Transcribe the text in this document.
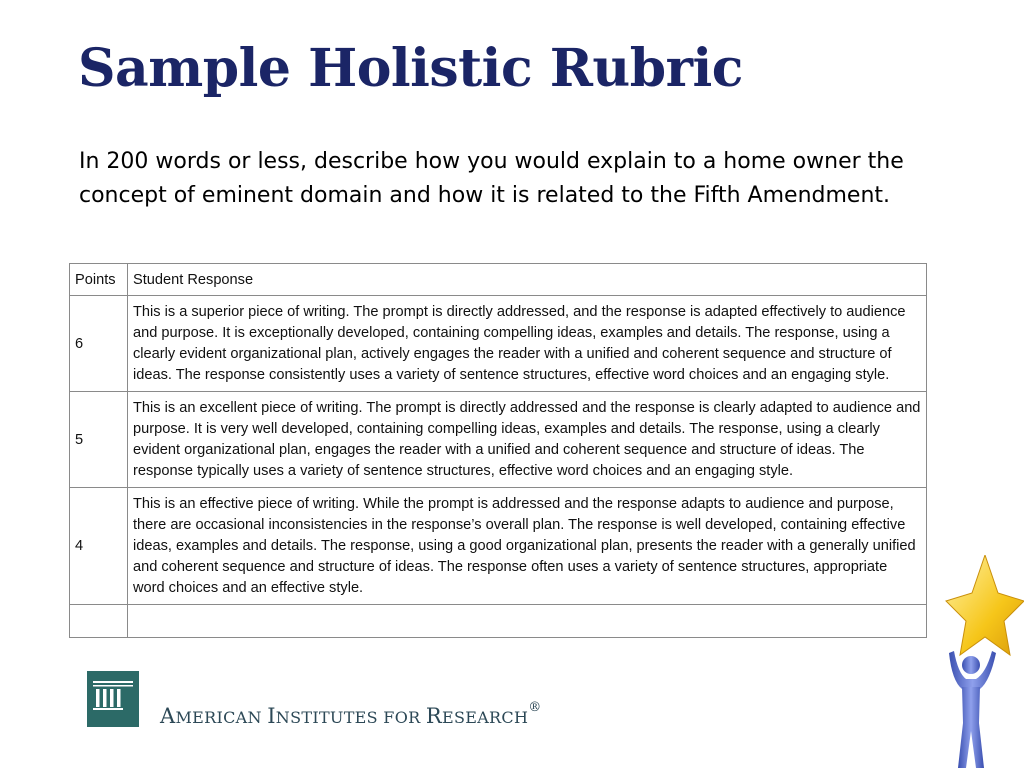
Sample Holistic Rubric
In 200 words or less, describe how you would explain to a home owner the concept of eminent domain and how it is related to the Fifth Amendment.
Points	Student Response
6	This is a superior piece of writing. The prompt is directly addressed, and the response is adapted effectively to audience and purpose. It is exceptionally developed, containing compelling ideas, examples and details. The response, using a clearly evident organizational plan, actively engages the reader with a unified and coherent sequence and structure of ideas. The response consistently uses a variety of sentence structures, effective word choices and an engaging style.
5	This is an excellent piece of writing. The prompt is directly addressed and the response is clearly adapted to audience and purpose. It is very well developed, containing compelling ideas, examples and details. The response, using a clearly evident organizational plan, engages the reader with a unified and coherent sequence and structure of ideas. The response typically uses a variety of sentence structures, effective word choices and an engaging style.
4	This is an effective piece of writing. While the prompt is addressed and the response adapts to audience and purpose, there are occasional inconsistencies in the response’s overall plan. The response is well developed, containing effective ideas, examples and details. The response, using a good organizational plan, presents the reader with a generally unified and coherent sequence and structure of ideas. The response often uses a variety of sentence structures, appropriate word choices and an effective style.

AMERICAN INSTITUTES FOR RESEARCH®
